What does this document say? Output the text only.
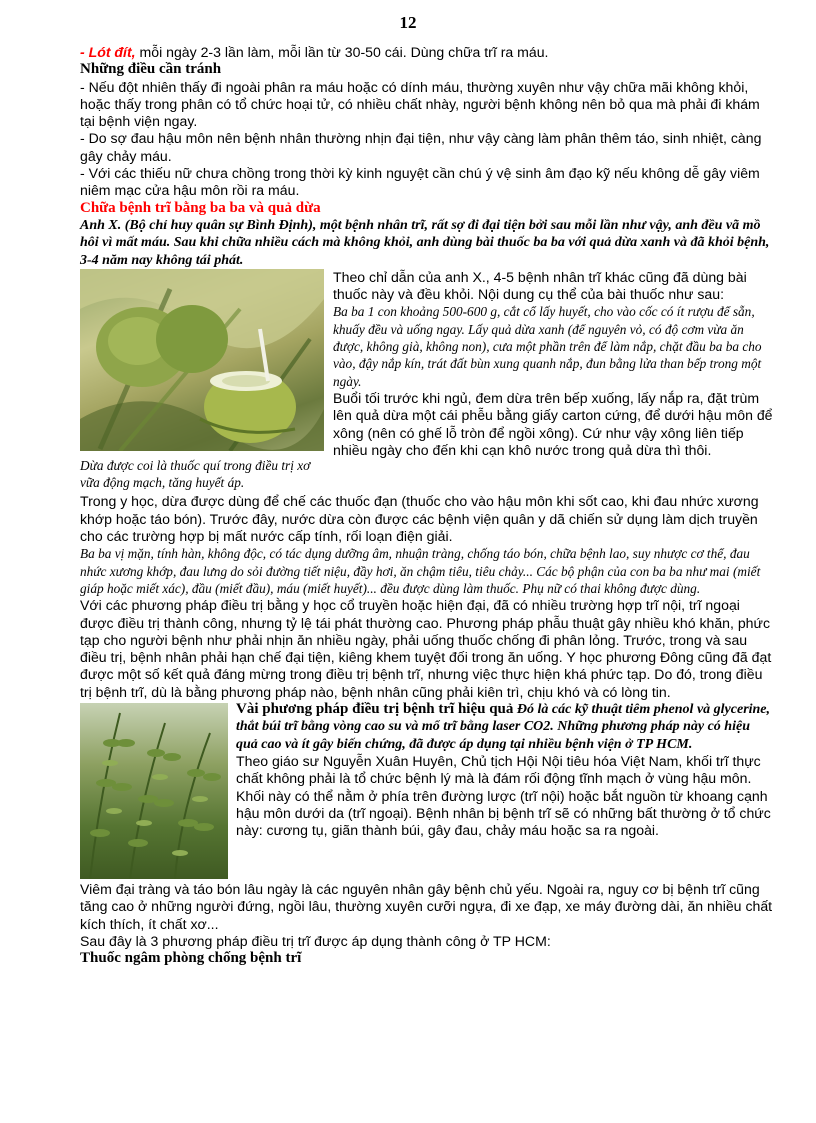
12

- Lót đít, mỗi ngày 2-3 lần làm, mỗi lần từ 30-50 cái. Dùng chữa trĩ ra máu.

Những điều cần tránh

- Nếu đột nhiên thấy đi ngoài phân ra máu hoặc có dính máu, thường xuyên như vậy chữa mãi không khỏi, hoặc thấy trong phân có tổ chức hoại tử, có nhiều chất nhày, người bệnh không nên bỏ qua mà phải đi khám tại bệnh viện ngay.

- Do sợ đau hậu môn nên bệnh nhân thường nhịn đại tiện, như vậy càng làm phân thêm táo, sinh nhiệt, càng gây chảy máu.

- Với các thiếu nữ chưa chồng trong thời kỳ kinh nguyệt cần chú ý vệ sinh âm đạo kỹ nếu không dễ gây viêm niêm mạc cửa hậu môn rồi ra máu.

Chữa bệnh trĩ bằng ba ba và quả dừa

Anh X. (Bộ chỉ huy quân sự Bình Định), một bệnh nhân trĩ, rất sợ đi đại tiện bởi sau mỗi lần như vậy, anh đều vã mồ hôi vì mất máu. Sau khi chữa nhiều cách mà không khỏi, anh dùng bài thuốc ba ba với quả dừa xanh và đã khỏi bệnh, 3-4 năm nay không tái phát.

Dừa được coi là thuốc quí trong điều trị xơ vữa động mạch, tăng huyết áp.

Theo chỉ dẫn của anh X., 4-5 bệnh nhân trĩ khác cũng đã dùng bài thuốc này và đều khỏi. Nội dung cụ thể của bài thuốc như sau:

Ba ba 1 con khoảng 500-600 g, cắt cổ lấy huyết, cho vào cốc có ít rượu để sẵn, khuấy đều và uống ngay. Lấy quả dừa xanh (để nguyên vỏ, có độ cơm vừa ăn được, không già, không non), cưa một phần trên để làm nắp, chặt đầu ba ba cho vào, đậy nắp kín, trát đất bùn xung quanh nắp, đun bằng lửa than bếp trong một ngày.

Buổi tối trước khi ngủ, đem dừa trên bếp xuống, lấy nắp ra, đặt trùm lên quả dừa một cái phễu bằng giấy carton cứng, để dưới hậu môn để xông (nên có ghế lỗ tròn để ngồi xông). Cứ như vậy xông liên tiếp nhiều ngày cho đến khi cạn khô nước trong quả dừa thì thôi.

Trong y học, dừa được dùng để chế các thuốc đạn (thuốc cho vào hậu môn khi sốt cao, khi đau nhức xương khớp hoặc táo bón). Trước đây, nước dừa còn được các bệnh viện quân y dã chiến sử dụng làm dịch truyền cho các trường hợp bị mất nước cấp tính, rối loạn điện giải.

Ba ba vị mặn, tính hàn, không độc, có tác dụng dưỡng âm, nhuận tràng, chống táo bón, chữa bệnh lao, suy nhược cơ thể, đau nhức xương khớp, đau lưng do sỏi đường tiết niệu, đầy hơi, ăn chậm tiêu, tiêu chảy... Các bộ phận của con ba ba như mai (miết giáp hoặc miết xác), đầu (miết đầu), máu (miết huyết)... đều được dùng làm thuốc. Phụ nữ có thai không được dùng.

Với các phương pháp điều trị bằng y học cổ truyền hoặc hiện đại, đã có nhiều trường hợp trĩ nội, trĩ ngoại được điều trị thành công, nhưng tỷ lệ tái phát thường cao. Phương pháp phẫu thuật gây nhiều khó khăn, phức tạp cho người bệnh như phải nhịn ăn nhiều ngày, phải uống thuốc chống đi phân lỏng. Trước, trong và sau điều trị, bệnh nhân phải hạn chế đại tiện, kiêng khem tuyệt đối trong ăn uống. Y học phương Đông cũng đã đạt được một số kết quả đáng mừng trong điều trị bệnh trĩ, nhưng việc thực hiện khá phức tạp. Do đó, trong điều trị bệnh trĩ, dù là bằng phương pháp nào, bệnh nhân cũng phải kiên trì, chịu khó và có lòng tin.

Vài phương pháp điều trị bệnh trĩ hiệu quả Đó là các kỹ thuật tiêm phenol và glycerine, thắt búi trĩ bằng vòng cao su và mổ trĩ bằng laser CO2. Những phương pháp này có hiệu quả cao và ít gây biến chứng, đã được áp dụng tại nhiều bệnh viện ở TP HCM.

Theo giáo sư Nguyễn Xuân Huyên, Chủ tịch Hội Nội tiêu hóa Việt Nam, khối trĩ thực chất không phải là tổ chức bệnh lý mà là đám rối động tĩnh mạch ở vùng hậu môn. Khối này có thể nằm ở phía trên đường lược (trĩ nội) hoặc bắt nguồn từ khoang cạnh hậu môn dưới da (trĩ ngoại). Bệnh nhân bị bệnh trĩ sẽ có những bất thường ở tổ chức này: cương tụ, giãn thành búi, gây đau, chảy máu hoặc sa ra ngoài.

Viêm đại tràng và táo bón lâu ngày là các nguyên nhân gây bệnh chủ yếu. Ngoài ra, nguy cơ bị bệnh trĩ cũng tăng cao ở những người đứng, ngồi lâu, thường xuyên cưỡi ngựa, đi xe đạp, xe máy đường dài, ăn nhiều chất kích thích, ít chất xơ...

Sau đây là 3 phương pháp điều trị trĩ được áp dụng thành công ở TP HCM:

Thuốc ngâm phòng chống bệnh trĩ
